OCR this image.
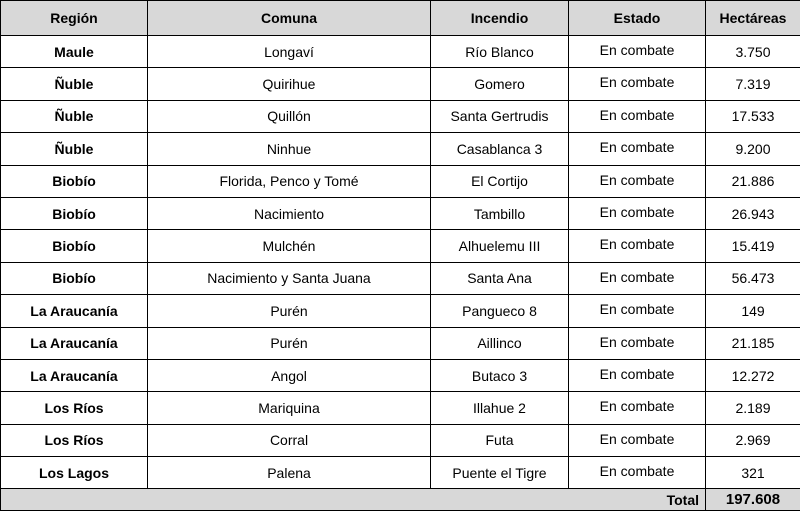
Región	Comuna	Incendio	Estado	Hectáreas
Maule	Longaví	Río Blanco	En combate	3.750
Ñuble	Quirihue	Gomero	En combate	7.319
Ñuble	Quillón	Santa Gertrudis	En combate	17.533
Ñuble	Ninhue	Casablanca 3	En combate	9.200
Biobío	Florida, Penco y Tomé	El Cortijo	En combate	21.886
Biobío	Nacimiento	Tambillo	En combate	26.943
Biobío	Mulchén	Alhuelemu III	En combate	15.419
Biobío	Nacimiento y Santa Juana	Santa Ana	En combate	56.473
La Araucanía	Purén	Pangueco 8	En combate	149
La Araucanía	Purén	Aillinco	En combate	21.185
La Araucanía	Angol	Butaco 3	En combate	12.272
Los Ríos	Mariquina	Illahue 2	En combate	2.189
Los Ríos	Corral	Futa	En combate	2.969
Los Lagos	Palena	Puente el Tigre	En combate	321
			Total	197.608
